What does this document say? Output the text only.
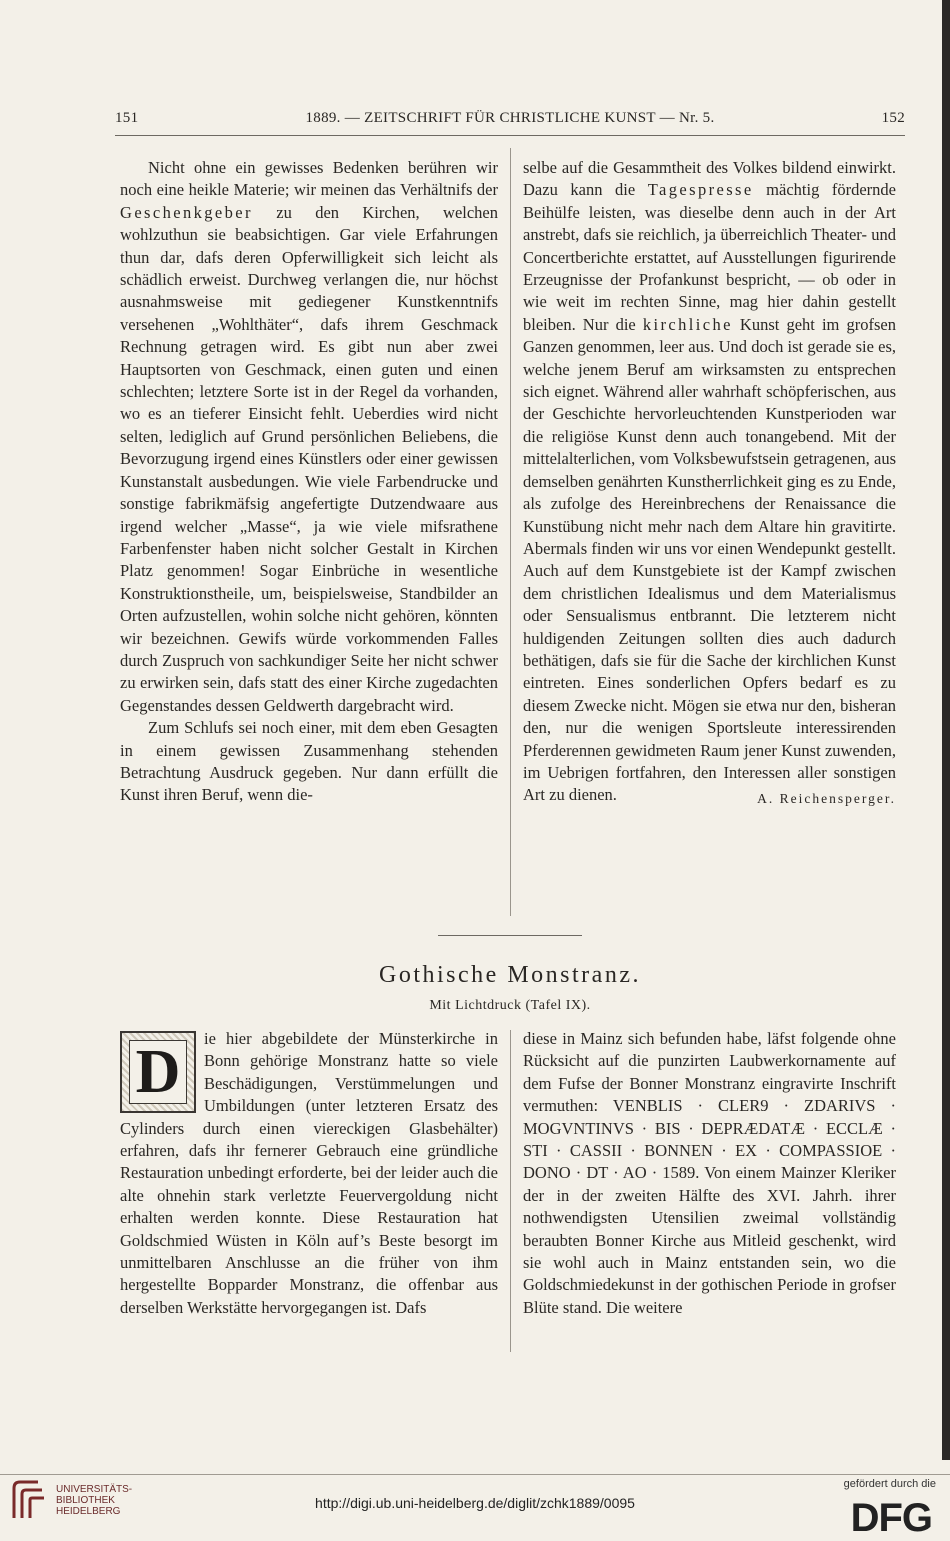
151	1889. — ZEITSCHRIFT FÜR CHRISTLICHE KUNST — Nr. 5.	152

Nicht ohne ein gewisses Bedenken berühren wir noch eine heikle Materie; wir meinen das Verhältnifs der Geschenkgeber zu den Kirchen, welchen wohlzuthun sie beabsichtigen. Gar viele Erfahrungen thun dar, dafs deren Opferwilligkeit sich leicht als schädlich erweist. Durchweg verlangen die, nur höchst ausnahmsweise mit gediegener Kunstkenntnifs versehenen „Wohlthäter“, dafs ihrem Geschmack Rechnung getragen wird. Es gibt nun aber zwei Hauptsorten von Geschmack, einen guten und einen schlechten; letztere Sorte ist in der Regel da vorhanden, wo es an tieferer Einsicht fehlt. Ueberdies wird nicht selten, lediglich auf Grund persönlichen Beliebens, die Bevorzugung irgend eines Künstlers oder einer gewissen Kunstanstalt ausbedungen. Wie viele Farbendrucke und sonstige fabrikmäfsig angefertigte Dutzendwaare aus irgend welcher „Masse“, ja wie viele mifsrathene Farbenfenster haben nicht solcher Gestalt in Kirchen Platz genommen! Sogar Einbrüche in wesentliche Konstruktionstheile, um, beispielsweise, Standbilder an Orten aufzustellen, wohin solche nicht gehören, könnten wir bezeichnen. Gewifs würde vorkommenden Falles durch Zuspruch von sachkundiger Seite her nicht schwer zu erwirken sein, dafs statt des einer Kirche zugedachten Gegenstandes dessen Geldwerth dargebracht wird.

Zum Schlufs sei noch einer, mit dem eben Gesagten in einem gewissen Zusammenhang stehenden Betrachtung Ausdruck gegeben. Nur dann erfüllt die Kunst ihren Beruf, wenn die-

selbe auf die Gesammtheit des Volkes bildend einwirkt. Dazu kann die Tagespresse mächtig fördernde Beihülfe leisten, was dieselbe denn auch in der Art anstrebt, dafs sie reichlich, ja überreichlich Theater- und Concertberichte erstattet, auf Ausstellungen figurirende Erzeugnisse der Profankunst bespricht, — ob oder in wie weit im rechten Sinne, mag hier dahin gestellt bleiben. Nur die kirchliche Kunst geht im grofsen Ganzen genommen, leer aus. Und doch ist gerade sie es, welche jenem Beruf am wirksamsten zu entsprechen sich eignet. Während aller wahrhaft schöpferischen, aus der Geschichte hervorleuchtenden Kunstperioden war die religiöse Kunst denn auch tonangebend. Mit der mittelalterlichen, vom Volksbewufstsein getragenen, aus demselben genährten Kunstherrlichkeit ging es zu Ende, als zufolge des Hereinbrechens der Renaissance die Kunstübung nicht mehr nach dem Altare hin gravitirte. Abermals finden wir uns vor einen Wendepunkt gestellt. Auch auf dem Kunstgebiete ist der Kampf zwischen dem christlichen Idealismus und dem Materialismus oder Sensualismus entbrannt. Die letzterem nicht huldigenden Zeitungen sollten dies auch dadurch bethätigen, dafs sie für die Sache der kirchlichen Kunst eintreten. Eines sonderlichen Opfers bedarf es zu diesem Zwecke nicht. Mögen sie etwa nur den, bisheran den, nur die wenigen Sportsleute interessirenden Pferderennen gewidmeten Raum jener Kunst zuwenden, im Uebrigen fortfahren, den Interessen aller sonstigen Art zu dienen.	A. Reichensperger.

Gothische Monstranz.
Mit Lichtdruck (Tafel IX).
D	ie hier abgebildete der Münsterkirche in Bonn gehörige Monstranz hatte so viele Beschädigungen, Verstümmelungen und Umbildungen (unter letzteren Ersatz des Cylinders durch einen viereckigen Glasbehälter) erfahren, dafs ihr fernerer Gebrauch eine gründliche Restauration unbedingt erforderte, bei der leider auch die alte ohnehin stark verletzte Feuervergoldung nicht erhalten werden konnte. Diese Restauration hat Goldschmied Wüsten in Köln auf’s Beste besorgt im unmittelbaren Anschlusse an die früher von ihm hergestellte Bopparder Monstranz, die offenbar aus derselben Werkstätte hervorgegangen ist. Dafs

diese in Mainz sich befunden habe, läfst folgende ohne Rücksicht auf die punzirten Laubwerkornamente auf dem Fufse der Bonner Monstranz eingravirte Inschrift vermuthen: VENBLIS · CLER9 · ZDARIVS · MOGVNTINVS · BIS · DEPRÆDATÆ · ECCLÆ · STI · CASSII · BONNEN · EX · COMPASSIOE · DONO · DT · AO · 1589. Von einem Mainzer Kleriker der in der zweiten Hälfte des XVI. Jahrh. ihrer nothwendigsten Utensilien zweimal vollständig beraubten Bonner Kirche aus Mitleid geschenkt, wird sie wohl auch in Mainz entstanden sein, wo die Goldschmiedekunst in der gothischen Periode in grofser Blüte stand. Die weitere

UNIVERSITÄTS-
BIBLIOTHEK
HEIDELBERG
http://digi.ub.uni-heidelberg.de/diglit/zchk1889/0095
gefördert durch die
DFG
